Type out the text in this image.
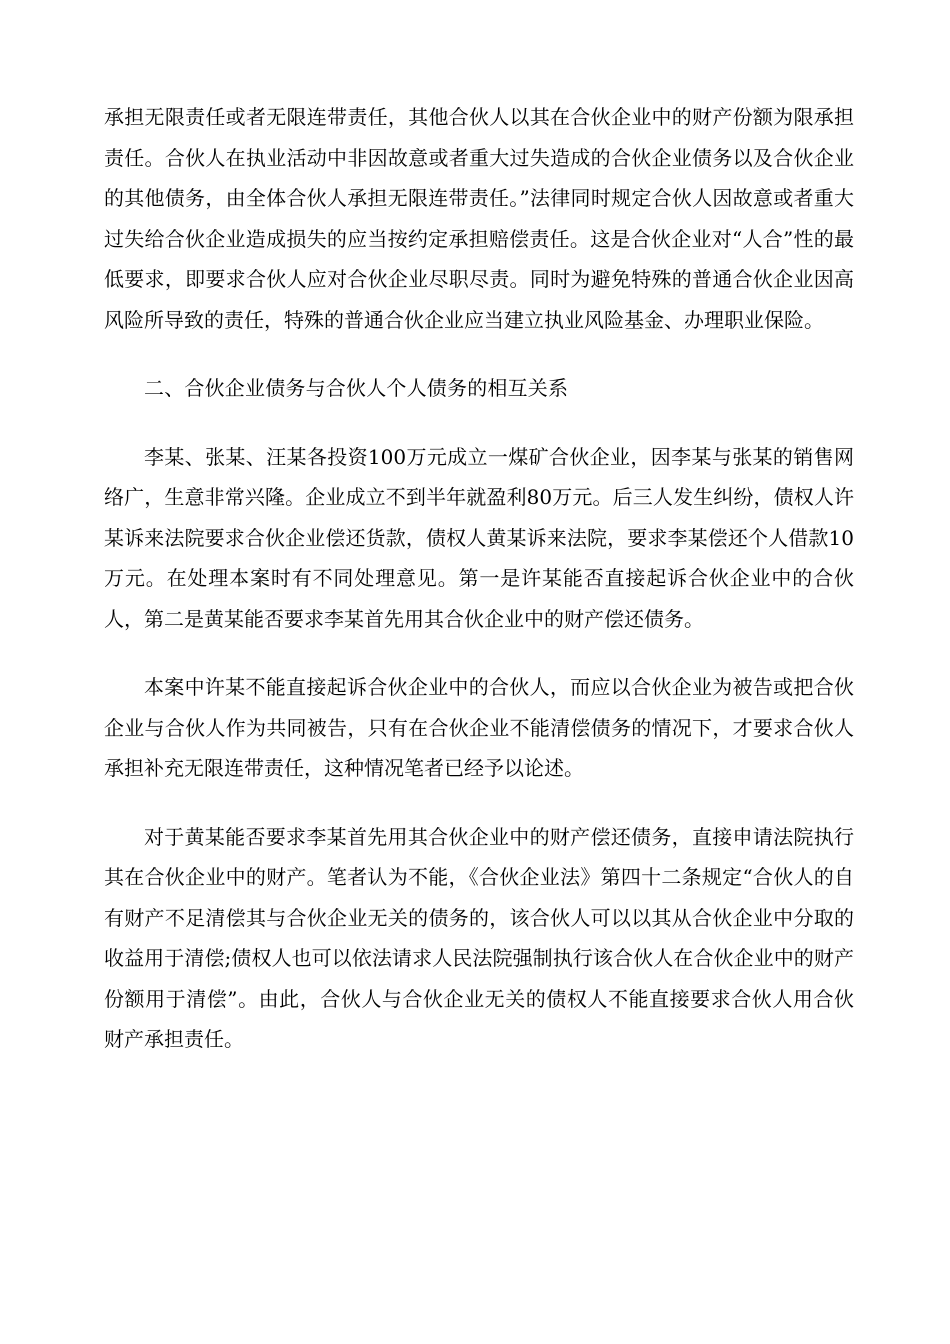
承担无限责任或者无限连带责任，其他合伙人以其在合伙企业中的财产份额为限承担责任。合伙人在执业活动中非因故意或者重大过失造成的合伙企业债务以及合伙企业的其他债务，由全体合伙人承担无限连带责任。”法律同时规定合伙人因故意或者重大过失给合伙企业造成损失的应当按约定承担赔偿责任。这是合伙企业对“人合”性的最低要求，即要求合伙人应对合伙企业尽职尽责。同时为避免特殊的普通合伙企业因高风险所导致的责任，特殊的普通合伙企业应当建立执业风险基金、办理职业保险。

二、合伙企业债务与合伙人个人债务的相互关系

李某、张某、汪某各投资100万元成立一煤矿合伙企业，因李某与张某的销售网络广，生意非常兴隆。企业成立不到半年就盈利80万元。后三人发生纠纷，债权人许某诉来法院要求合伙企业偿还货款，债权人黄某诉来法院，要求李某偿还个人借款10万元。在处理本案时有不同处理意见。第一是许某能否直接起诉合伙企业中的合伙人，第二是黄某能否要求李某首先用其合伙企业中的财产偿还债务。

本案中许某不能直接起诉合伙企业中的合伙人，而应以合伙企业为被告或把合伙企业与合伙人作为共同被告，只有在合伙企业不能清偿债务的情况下，才要求合伙人承担补充无限连带责任，这种情况笔者已经予以论述。

对于黄某能否要求李某首先用其合伙企业中的财产偿还债务，直接申请法院执行其在合伙企业中的财产。笔者认为不能，《合伙企业法》第四十二条规定“合伙人的自有财产不足清偿其与合伙企业无关的债务的，该合伙人可以以其从合伙企业中分取的收益用于清偿;债权人也可以依法请求人民法院强制执行该合伙人在合伙企业中的财产份额用于清偿”。由此，合伙人与合伙企业无关的债权人不能直接要求合伙人用合伙财产承担责任。
